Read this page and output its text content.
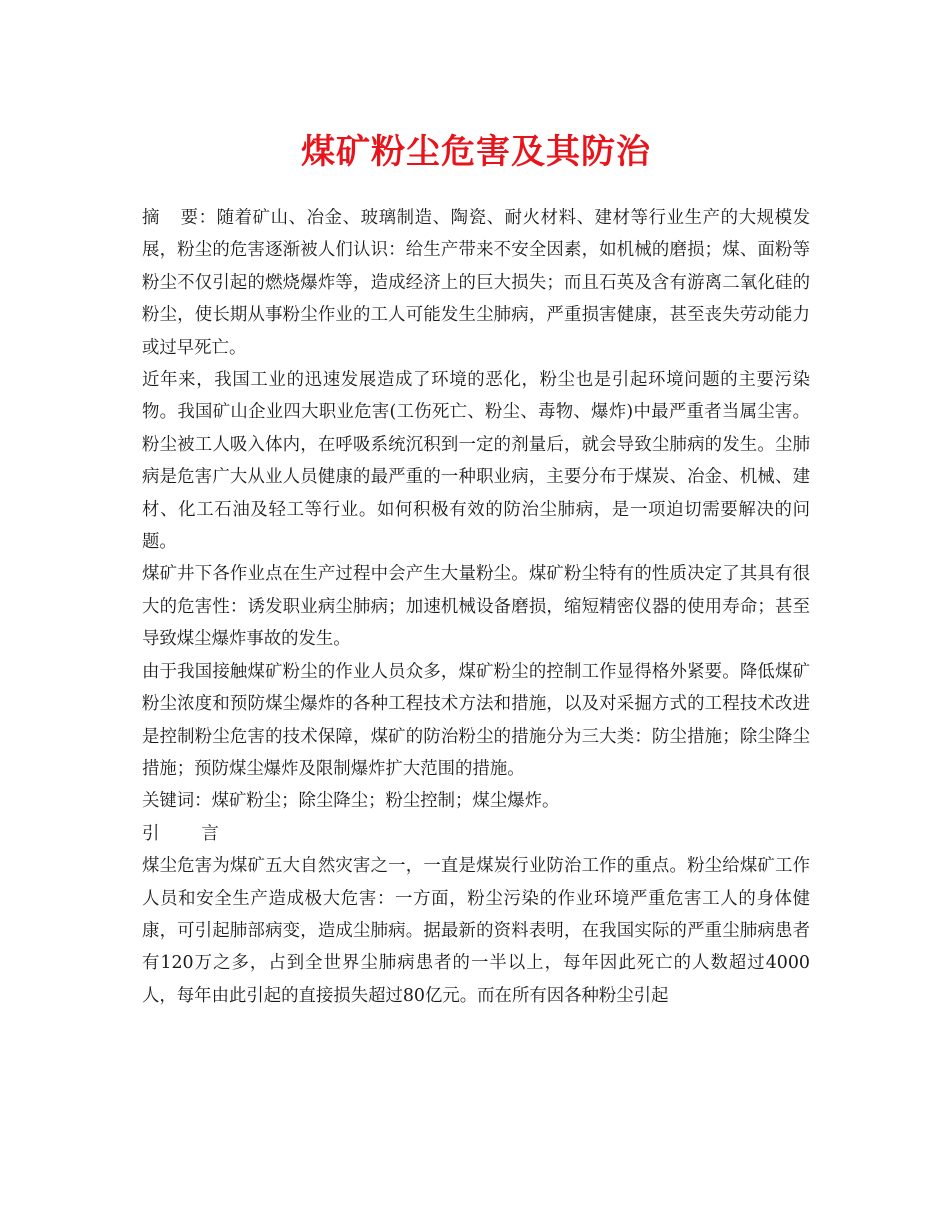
煤矿粉尘危害及其防治

摘 要：随着矿山、冶金、玻璃制造、陶瓷、耐火材料、建材等行业生产的大规模发展，粉尘的危害逐渐被人们认识：给生产带来不安全因素，如机械的磨损；煤、面粉等粉尘不仅引起的燃烧爆炸等，造成经济上的巨大损失；而且石英及含有游离二氧化硅的粉尘，使长期从事粉尘作业的工人可能发生尘肺病，严重损害健康，甚至丧失劳动能力或过早死亡。

近年来，我国工业的迅速发展造成了环境的恶化，粉尘也是引起环境问题的主要污染物。我国矿山企业四大职业危害(工伤死亡、粉尘、毒物、爆炸)中最严重者当属尘害。粉尘被工人吸入体内，在呼吸系统沉积到一定的剂量后，就会导致尘肺病的发生。尘肺病是危害广大从业人员健康的最严重的一种职业病，主要分布于煤炭、冶金、机械、建材、化工石油及轻工等行业。如何积极有效的防治尘肺病，是一项迫切需要解决的问题。

煤矿井下各作业点在生产过程中会产生大量粉尘。煤矿粉尘特有的性质决定了其具有很大的危害性：诱发职业病尘肺病；加速机械设备磨损，缩短精密仪器的使用寿命；甚至导致煤尘爆炸事故的发生。

由于我国接触煤矿粉尘的作业人员众多，煤矿粉尘的控制工作显得格外紧要。降低煤矿粉尘浓度和预防煤尘爆炸的各种工程技术方法和措施，以及对采掘方式的工程技术改进是控制粉尘危害的技术保障，煤矿的防治粉尘的措施分为三大类：防尘措施；除尘降尘措施；预防煤尘爆炸及限制爆炸扩大范围的措施。

关键词：煤矿粉尘；除尘降尘；粉尘控制；煤尘爆炸。

引 言

煤尘危害为煤矿五大自然灾害之一，一直是煤炭行业防治工作的重点。粉尘给煤矿工作人员和安全生产造成极大危害：一方面，粉尘污染的作业环境严重危害工人的身体健康，可引起肺部病变，造成尘肺病。据最新的资料表明，在我国实际的严重尘肺病患者有120万之多，占到全世界尘肺病患者的一半以上，每年因此死亡的人数超过4000人，每年由此引起的直接损失超过80亿元。而在所有因各种粉尘引起
